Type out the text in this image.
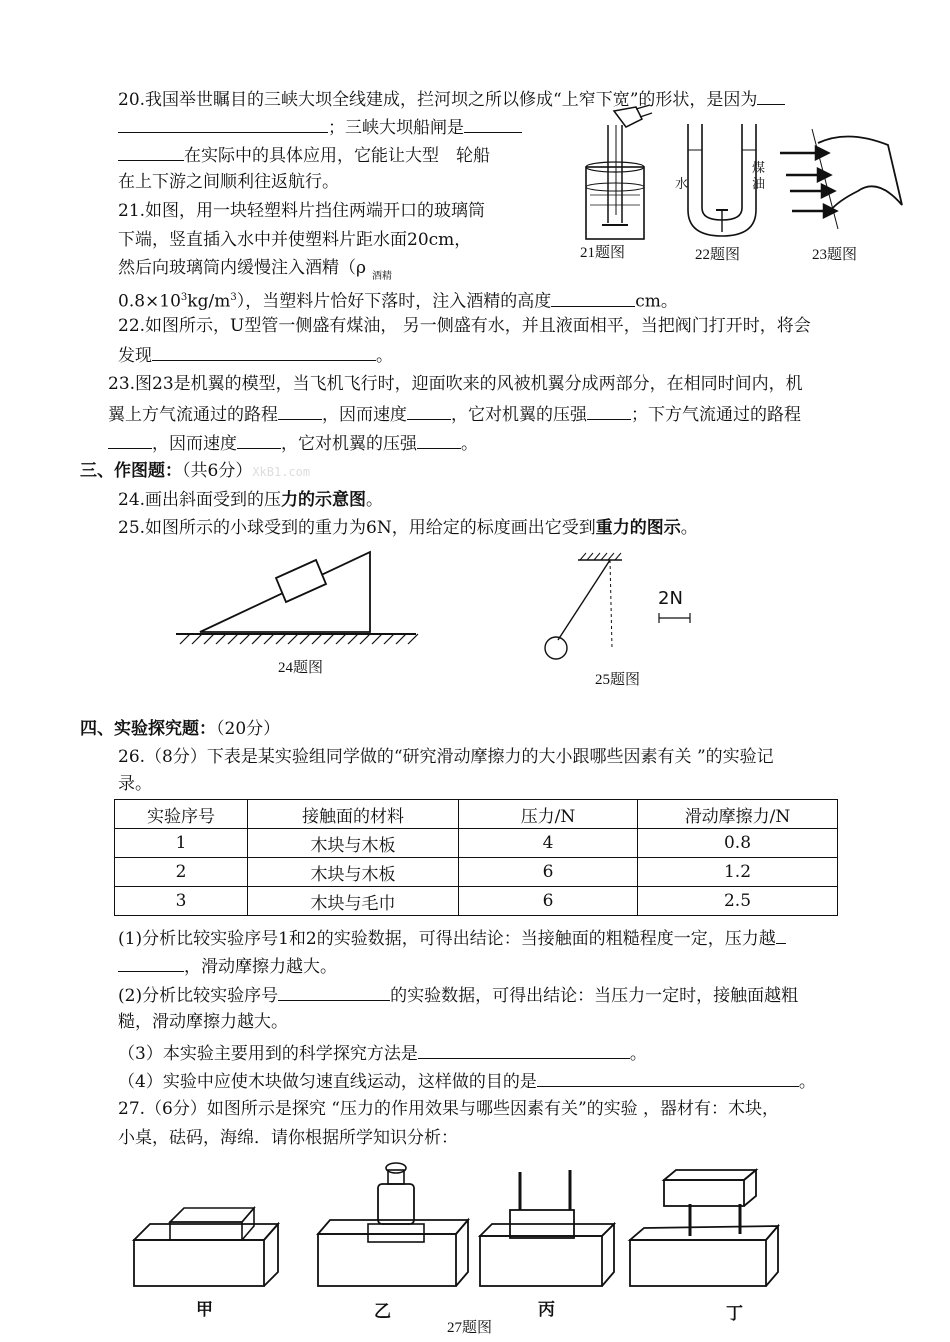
20.我国举世瞩目的三峡大坝全线建成，拦河坝之所以修成“上窄下宽”的形状，是因为
；三峡大坝船闸是
在实际中的具体应用，它能让大型　轮船
在上下游之间顺利往返航行。
21.如图，用一块轻塑料片挡住两端开口的玻璃筒
下端，竖直插入水中并使塑料片距水面20cm，
然后向玻璃筒内缓慢注入酒精（ρ $_{酒精}$
$0.8\times 10^3kg/m^3$），当塑料片恰好下落时，注入酒精的高度	cm。
21题图
水
煤油
22题图	23题图
22.如图所示，U型管一侧盛有煤油， 另一侧盛有水，并且液面相平，当把阀门打开时，将会
发现	。
23.图23是机翼的模型，当飞机飞行时，迎面吹来的风被机翼分成两部分，在相同时间内，机
翼上方气流通过的路程	，因而速度	，它对机翼的压强	；下方气流通过的路程
，因而速度	，它对机翼的压强	。
三、作图题：（共6分）XkB1.com
24.画出斜面受到的压力的示意图。
25.如图所示的小球受到的重力为6N，用给定的标度画出它受到重力的图示。
24题图
2N
25题图
四、实验探究题：（20分）
26.（8分）下表是某实验组同学做的“研究滑动摩擦力的大小跟哪些因素有关 ”的实验记
录。
实验序号	接触面的材料	压力/N	滑动摩擦力/N
1	木块与木板	4	0.8
2	木块与木板	6	1.2
3	木块与毛巾	6	2.5
(1)分析比较实验序号1和2的实验数据，可得出结论：当接触面的粗糙程度一定，压力越
，滑动摩擦力越大。
(2)分析比较实验序号	的实验数据，可得出结论：当压力一定时，接触面越粗
糙，滑动摩擦力越大。
（3）本实验主要用到的科学探究方法是	。
（4）实验中应使木块做匀速直线运动，这样做的目的是	。
27.（6分）如图所示是探究 “压力的作用效果与哪些因素有关”的实验 ，器材有：木块，
小桌，砝码，海绵．请你根据所学知识分析：
甲	乙	丙	丁
27题图
